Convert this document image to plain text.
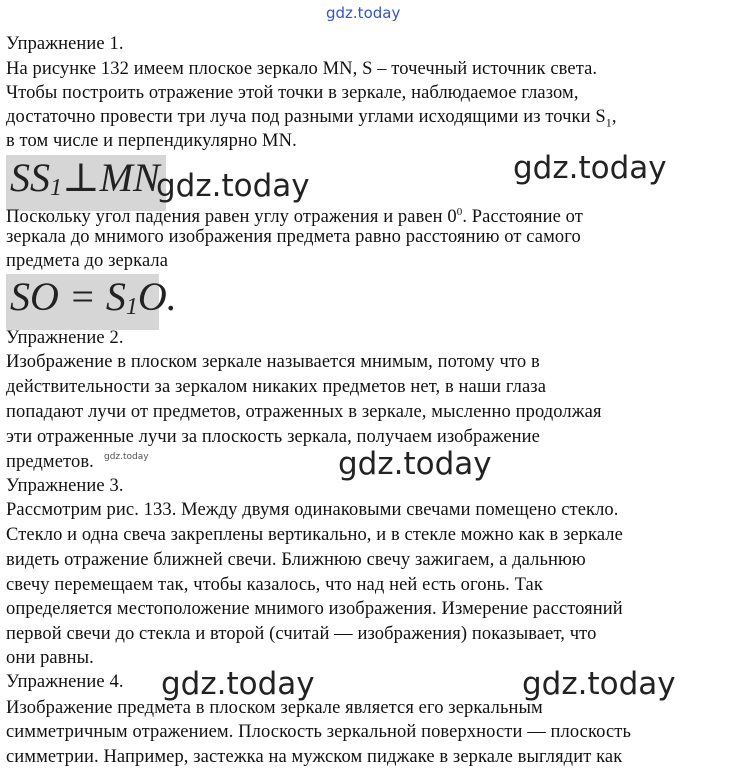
gdz.today
Упражнение 1.
На рисунке 132 имеем плоское зеркало MN, S – точечный источник света.
Чтобы построить отражение этой точки в зеркале, наблюдаемое глазом,
достаточно провести три луча под разными углами исходящими из точки $S_1$,
в том числе и перпендикулярно MN.
$SS_1\perp MN$
gdz.today	gdz.today
Поскольку угол падения равен углу отражения и равен $0^0$. Расстояние от
зеркала до мнимого изображения предмета равно расстоянию от самого
предмета до зеркала
SO = $S_1O$.
Упражнение 2.
Изображение в плоском зеркале называется мнимым, потому что в
действительности за зеркалом никаких предметов нет, в наши глаза
попадают лучи от предметов, отраженных в зеркале, мысленно продолжая
эти отраженные лучи за плоскость зеркала, получаем изображение
предметов. gdz.today	gdz.today
Упражнение 3.
Рассмотрим рис. 133. Между двумя одинаковыми свечами помещено стекло.
Стекло и одна свеча закреплены вертикально, и в стекле можно как в зеркале
видеть отражение ближней свечи. Ближнюю свечу зажигаем, а дальнюю
свечу перемещаем так, чтобы казалось, что над ней есть огонь. Так
определяется местоположение мнимого изображения. Измерение расстояний
первой свечи до стекла и второй (считай — изображения) показывает, что
они равны.
Упражнение 4. gdz.today	gdz.today
Изображение предмета в плоском зеркале является его зеркальным
симметричным отражением. Плоскость зеркальной поверхности — плоскость
симметрии. Например, застежка на мужском пиджаке в зеркале выглядит как
